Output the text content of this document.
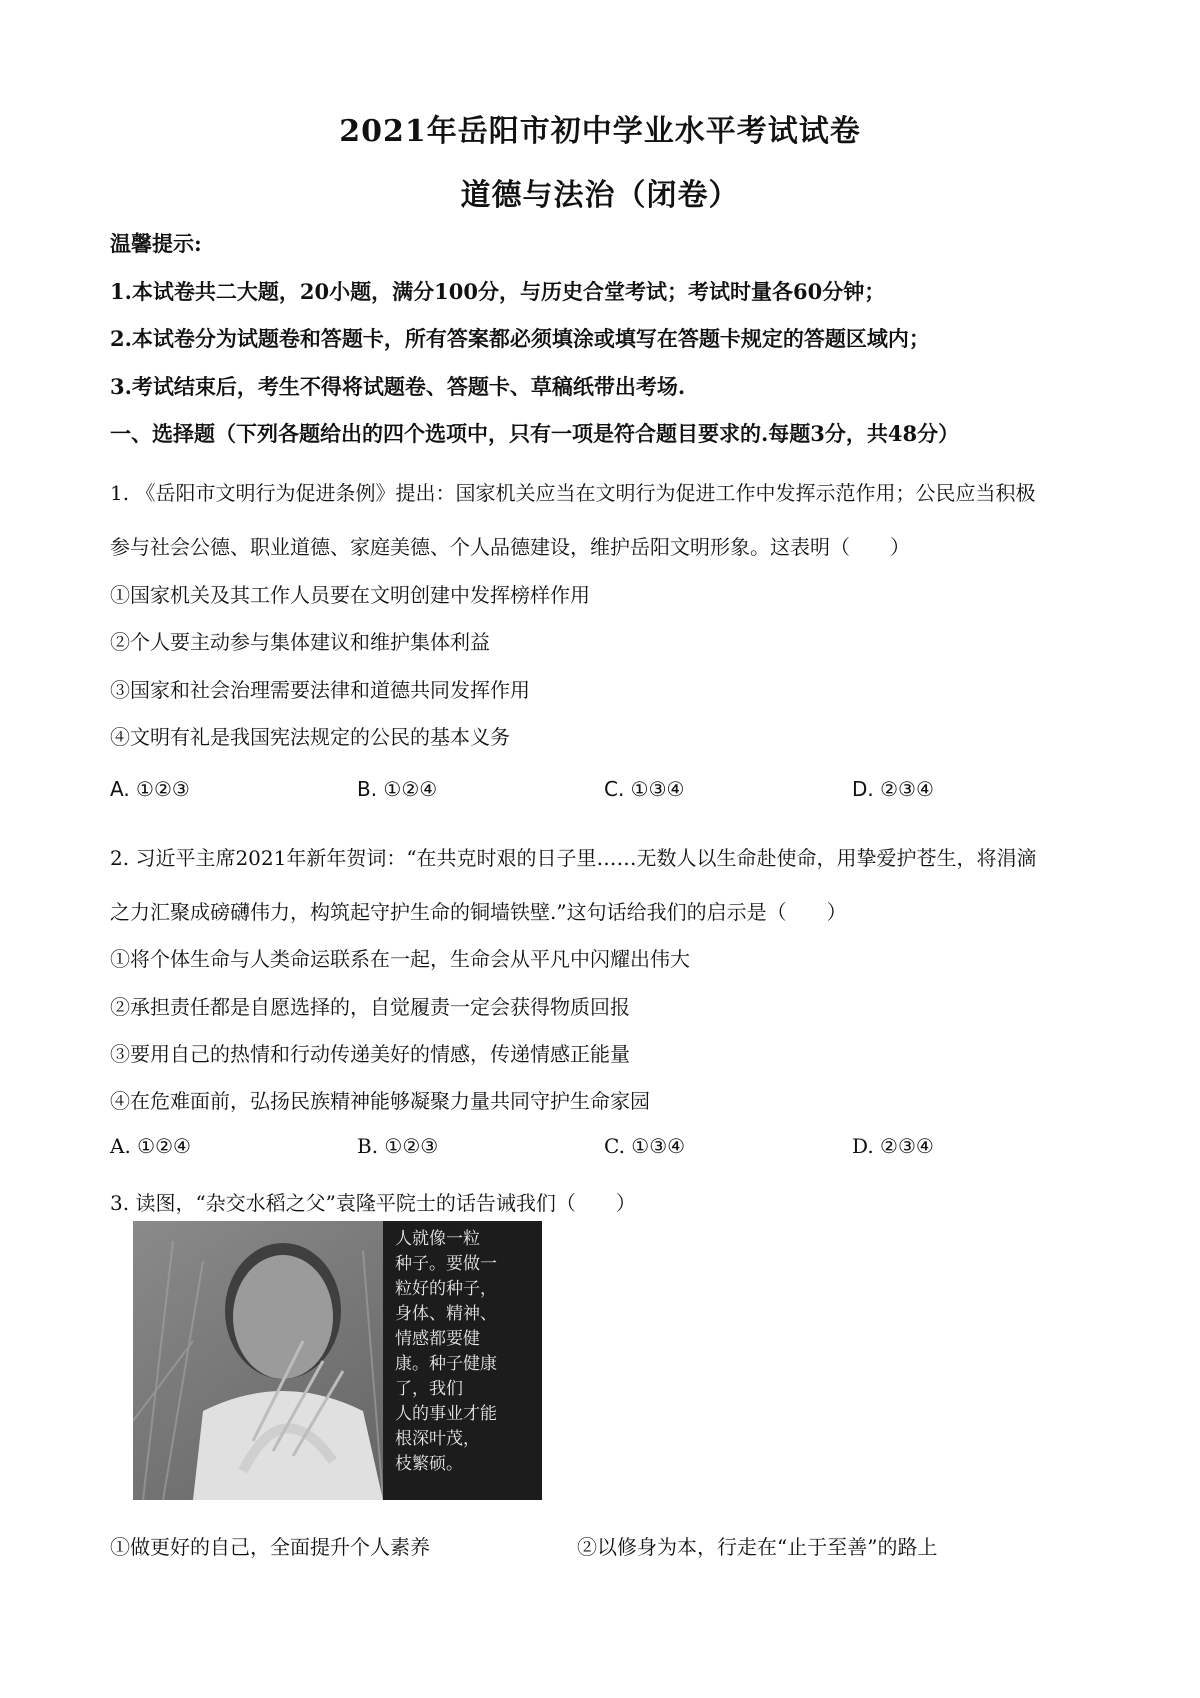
2021年岳阳市初中学业水平考试试卷
道德与法治（闭卷）
温馨提示:
1.本试卷共二大题，20小题，满分100分，与历史合堂考试；考试时量各60分钟；
2.本试卷分为试题卷和答题卡，所有答案都必须填涂或填写在答题卡规定的答题区域内；
3.考试结束后，考生不得将试题卷、答题卡、草稿纸带出考场.
一、选择题（下列各题给出的四个选项中，只有一项是符合题目要求的.每题3分，共48分）
1. 《岳阳市文明行为促进条例》提出：国家机关应当在文明行为促进工作中发挥示范作用；公民应当积极
参与社会公德、职业道德、家庭美德、个人品德建设，维护岳阳文明形象。这表明（　　）
①国家机关及其工作人员要在文明创建中发挥榜样作用
②个人要主动参与集体建议和维护集体利益
③国家和社会治理需要法律和道德共同发挥作用
④文明有礼是我国宪法规定的公民的基本义务
A. ①②③	B. ①②④	C. ①③④	D. ②③④
2. 习近平主席2021年新年贺词：“在共克时艰的日子里……无数人以生命赴使命，用挚爱护苍生，将涓滴
之力汇聚成磅礴伟力，构筑起守护生命的铜墙铁壁.”这句话给我们的启示是（　　）
①将个体生命与人类命运联系在一起，生命会从平凡中闪耀出伟大
②承担责任都是自愿选择的，自觉履责一定会获得物质回报
③要用自己的热情和行动传递美好的情感，传递情感正能量
④在危难面前，弘扬民族精神能够凝聚力量共同守护生命家园
A. ①②④	B. ①②③	C. ①③④	D. ②③④
3. 读图，“杂交水稻之父”袁隆平院士的话告诫我们（　　）
人就像一粒
种子。要做一
粒好的种子，
身体、精神、
情感都要健
康。种子健康
了，我们
人的事业才能
根深叶茂，
枝繁硕。
①做更好的自己，全面提升个人素养	②以修身为本，行走在“止于至善”的路上
